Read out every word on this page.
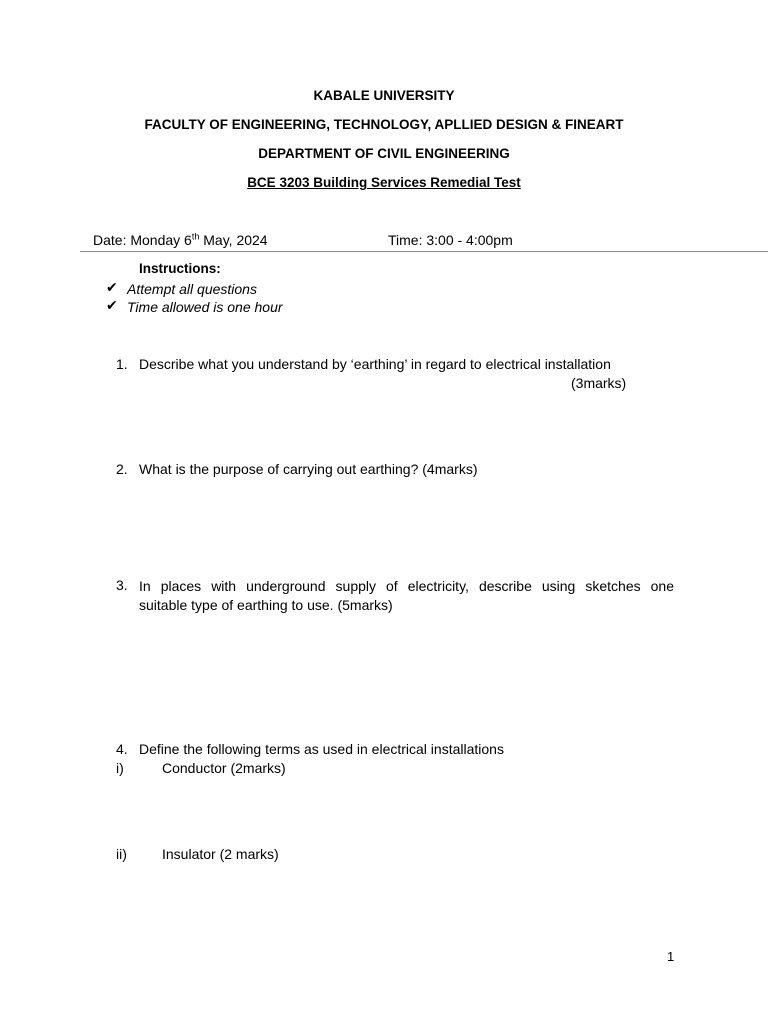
KABALE UNIVERSITY
FACULTY OF ENGINEERING, TECHNOLOGY, APLLIED DESIGN & FINEART
DEPARTMENT OF CIVIL ENGINEERING
BCE 3203 Building Services Remedial Test
Date: Monday 6th May, 2024	Time: 3:00 - 4:00pm
Instructions:
✔ Attempt all questions
✔ Time allowed is one hour
1. Describe what you understand by ‘earthing’ in regard to electrical installation
(3marks)
2. What is the purpose of carrying out earthing? (4marks)
3. In places with underground supply of electricity, describe using sketches one
suitable type of earthing to use. (5marks)
4. Define the following terms as used in electrical installations
i)	Conductor (2marks)
ii)	Insulator (2 marks)
1
